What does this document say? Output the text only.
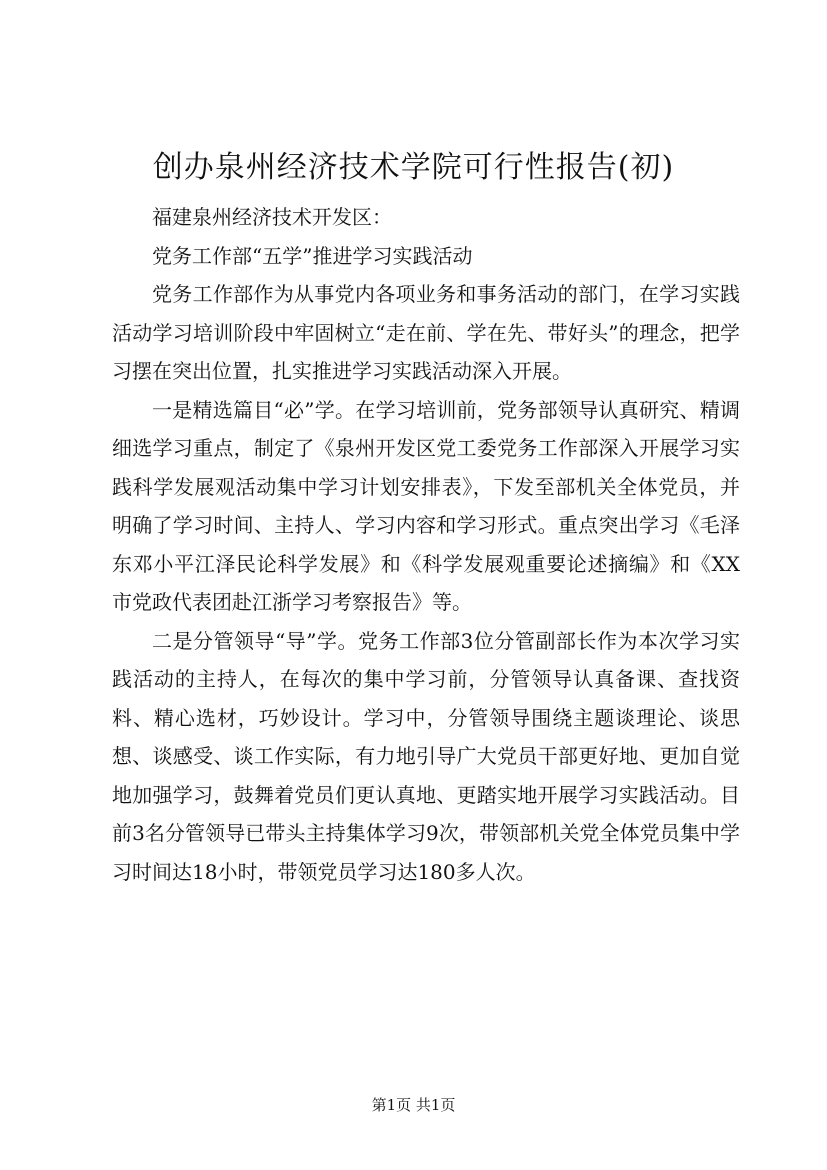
创办泉州经济技术学院可行性报告(初)

福建泉州经济技术开发区：

党务工作部“五学”推进学习实践活动

党务工作部作为从事党内各项业务和事务活动的部门，在学习实践活动学习培训阶段中牢固树立“走在前、学在先、带好头”的理念，把学习摆在突出位置，扎实推进学习实践活动深入开展。

一是精选篇目“必”学。在学习培训前，党务部领导认真研究、精调细选学习重点，制定了《泉州开发区党工委党务工作部深入开展学习实践科学发展观活动集中学习计划安排表》，下发至部机关全体党员，并明确了学习时间、主持人、学习内容和学习形式。重点突出学习《毛泽东邓小平江泽民论科学发展》和《科学发展观重要论述摘编》和《XX市党政代表团赴江浙学习考察报告》等。

二是分管领导“导”学。党务工作部3位分管副部长作为本次学习实践活动的主持人，在每次的集中学习前，分管领导认真备课、查找资料、精心选材，巧妙设计。学习中，分管领导围绕主题谈理论、谈思想、谈感受、谈工作实际，有力地引导广大党员干部更好地、更加自觉地加强学习，鼓舞着党员们更认真地、更踏实地开展学习实践活动。目前3名分管领导已带头主持集体学习9次，带领部机关党全体党员集中学习时间达18小时，带领党员学习达180多人次。

第1页 共1页
